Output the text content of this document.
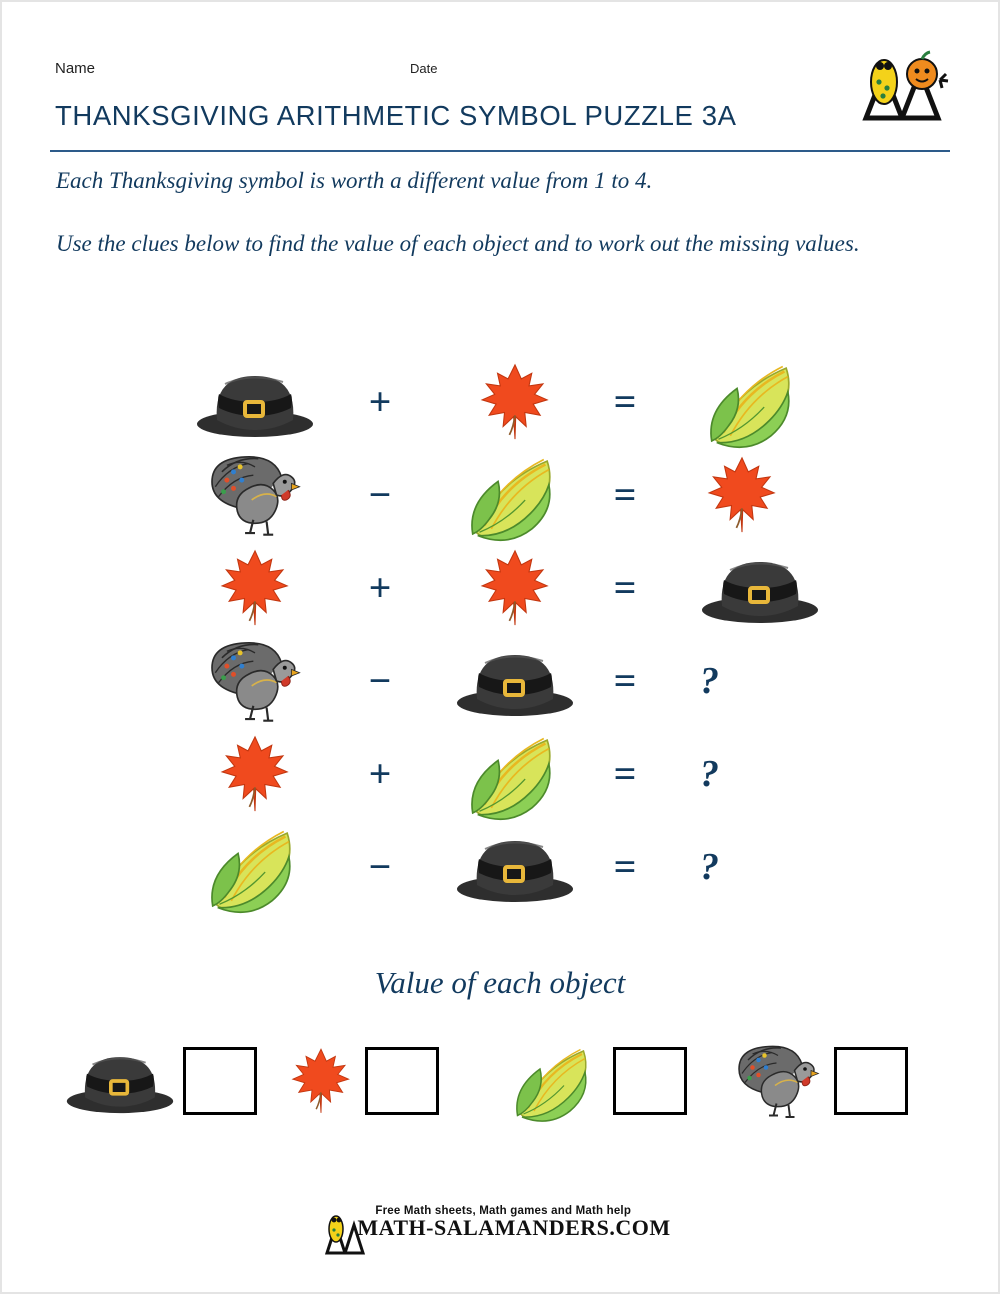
Name	Date
THANKSGIVING ARITHMETIC SYMBOL PUZZLE 3A
Each Thanksgiving symbol is worth a different value from 1 to 4.
Use the clues below to find the value of each object and to work out the missing values.
+	=
−	=
+	=
−	= ?
+	= ?
−	= ?
Value of each object
Free Math sheets, Math games and Math help
MATH-SALAMANDERS.COM
